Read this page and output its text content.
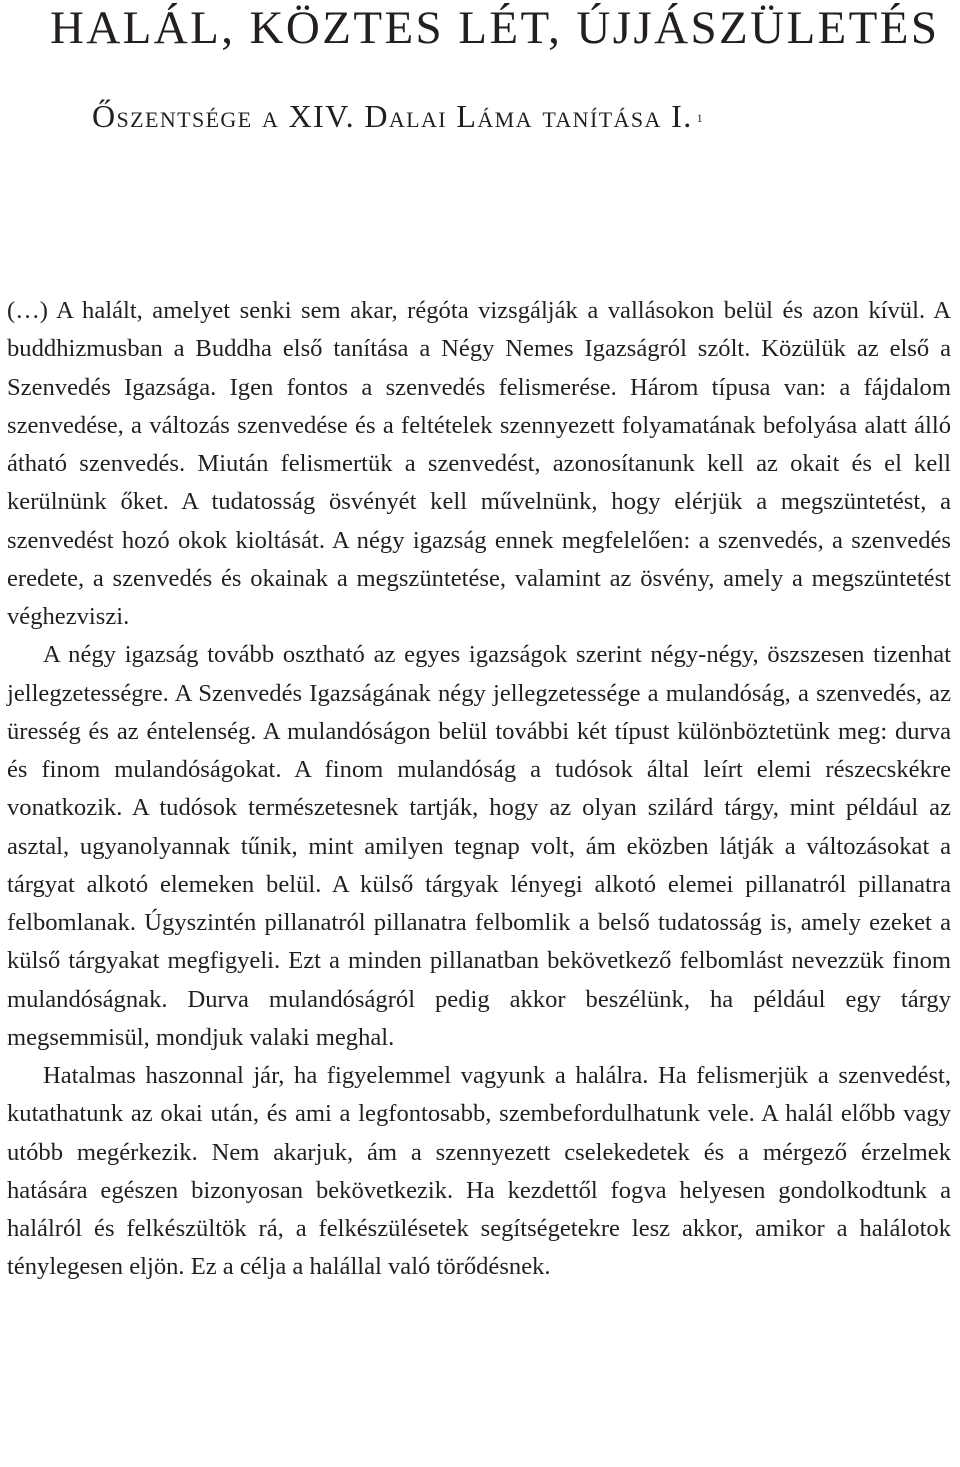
HALÁL, KÖZTES LÉT, ÚJJÁSZÜLETÉS
Őszentsége a XIV. Dalai Láma tanítása I. $^1$

(…) A halált, amelyet senki sem akar, régóta vizsgálják a vallásokon belül és azon kívül. A buddhizmusban a Buddha első tanítása a Négy Nemes Igazságról szólt. Közülük az első a Szenvedés Igazsága. Igen fontos a szenvedés felismerése. Három típusa van: a fájdalom szenvedése, a változás szenvedése és a feltételek szennyezett folyamatának befolyása alatt álló átható szenvedés. Miután felismertük a szenvedést, azonosítanunk kell az okait és el kell kerülnünk őket. A tudatosság ösvényét kell művelnünk, hogy elérjük a megszüntetést, a szenvedést hozó okok kioltását. A négy igazság ennek megfelelően: a szenvedés, a szenvedés eredete, a szenvedés és okainak a megszüntetése, valamint az ösvény, amely a megszüntetést véghezviszi.

A négy igazság tovább osztható az egyes igazságok szerint négy-négy, öszszesen tizenhat jellegzetességre. A Szenvedés Igazságának négy jellegzetessége a mulandóság, a szenvedés, az üresség és az éntelenség. A mulandóságon belül további két típust különböztetünk meg: durva és finom mulandóságokat. A finom mulandóság a tudósok által leírt elemi részecskékre vonatkozik. A tudósok természetesnek tartják, hogy az olyan szilárd tárgy, mint például az asztal, ugyanolyannak tűnik, mint amilyen tegnap volt, ám eközben látják a változásokat a tárgyat alkotó elemeken belül. A külső tárgyak lényegi alkotó elemei pillanatról pillanatra felbomlanak. Úgyszintén pillanatról pillanatra felbomlik a belső tudatosság is, amely ezeket a külső tárgyakat megfigyeli. Ezt a minden pillanatban bekövetkező felbomlást nevezzük finom mulandóságnak. Durva mulandóságról pedig akkor beszélünk, ha például egy tárgy megsemmisül, mondjuk valaki meghal.

Hatalmas haszonnal jár, ha figyelemmel vagyunk a halálra. Ha felismerjük a szenvedést, kutathatunk az okai után, és ami a legfontosabb, szembefordulhatunk vele. A halál előbb vagy utóbb megérkezik. Nem akarjuk, ám a szennyezett cselekedetek és a mérgező érzelmek hatására egészen bizonyosan bekövetkezik. Ha kezdettől fogva helyesen gondolkodtunk a halálról és felkészültök rá, a felkészülésetek segítségetekre lesz akkor, amikor a halálotok ténylegesen eljön. Ez a célja a halállal való törődésnek.
